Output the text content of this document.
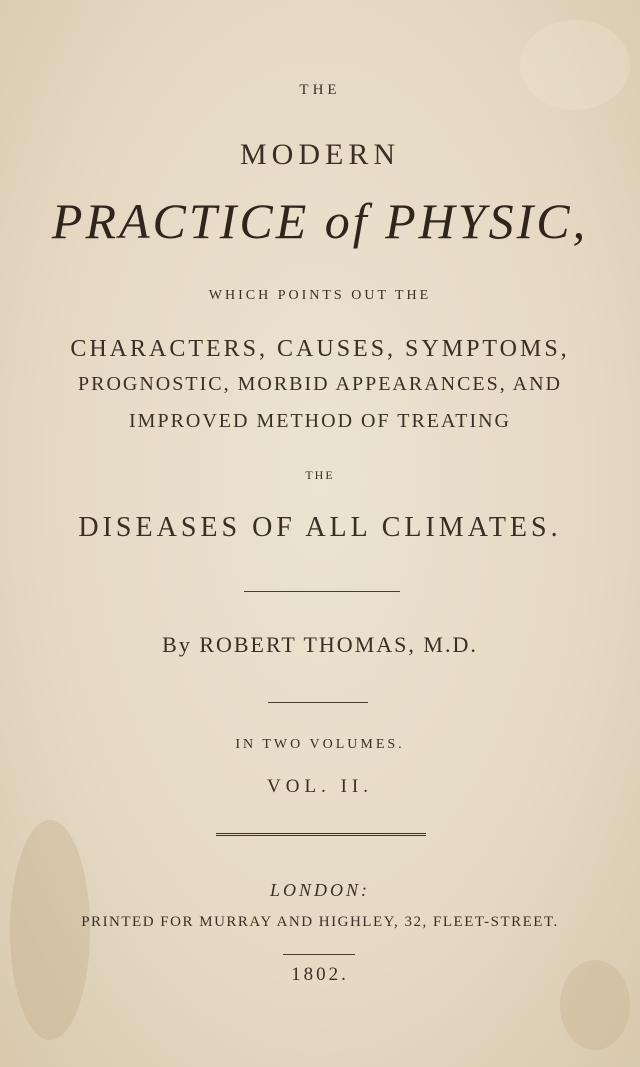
THE
MODERN
PRACTICE of PHYSIC,
WHICH POINTS OUT THE
CHARACTERS, CAUSES, SYMPTOMS,
PROGNOSTIC, MORBID APPEARANCES, AND
IMPROVED METHOD OF TREATING
THE
DISEASES OF ALL CLIMATES.
By ROBERT THOMAS, M.D.
IN TWO VOLUMES.
VOL. II.
LONDON:
PRINTED FOR MURRAY AND HIGHLEY, 32, FLEET-STREET.
1802.
